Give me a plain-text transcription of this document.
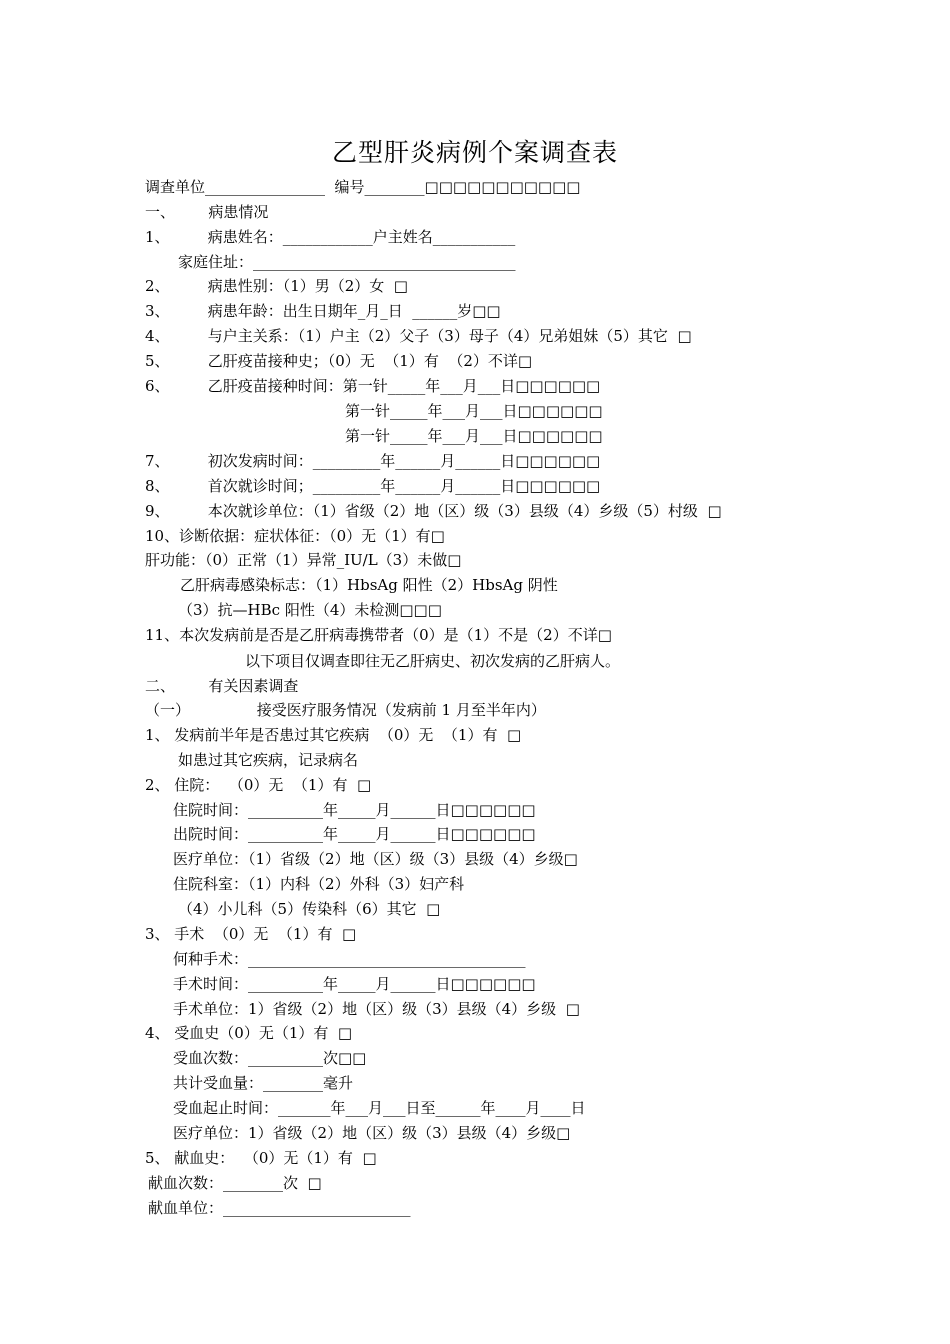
乙型肝炎病例个案调查表
调查单位________________  编号________□□□□□□□□□□□
一、       病患情况
1、        病患姓名：____________户主姓名___________
家庭住址：___________________________________
2、        病患性别：（1）男（2）女  □
3、        病患年龄：出生日期年_月_日  ______岁□□
4、        与户主关系：（1）户主（2）父子（3）母子（4）兄弟姐妹（5）其它  □
5、        乙肝疫苗接种史；（0）无  （1）有  （2）不详□
6、        乙肝疫苗接种时间：第一针_____年___月___日□□□□□□
第一针_____年___月___日□□□□□□
第一针_____年___月___日□□□□□□
7、        初次发病时间：_________年______月______日□□□□□□
8、        首次就诊时间；_________年______月______日□□□□□□
9、        本次就诊单位：（1）省级（2）地（区）级（3）县级（4）乡级（5）村级  □
10、诊断依据：症状体征：（0）无（1）有□
肝功能：（0）正常（1）异常_IU/L（3）未做□
乙肝病毒感染标志：（1）HbsAg 阳性（2）HbsAg 阴性
（3）抗—HBc 阳性（4）未检测□□□
11、本次发病前是否是乙肝病毒携带者（0）是（1）不是（2）不详□
以下项目仅调查即往无乙肝病史、初次发病的乙肝病人。
二、       有关因素调查
（一）              接受医疗服务情况（发病前 1 月至半年内）
1、 发病前半年是否患过其它疾病  （0）无  （1）有  □
如患过其它疾病，记录病名
2、 住院：  （0）无  （1）有  □
住院时间：__________年_____月______日□□□□□□
出院时间：__________年_____月______日□□□□□□
医疗单位：（1）省级（2）地（区）级（3）县级（4）乡级□
住院科室：（1）内科（2）外科（3）妇产科
（4）小儿科（5）传染科（6）其它  □
3、 手术  （0）无  （1）有  □
何种手术：_____________________________________
手术时间：__________年_____月______日□□□□□□
手术单位：1）省级（2）地（区）级（3）县级（4）乡级  □
4、 受血史（0）无（1）有  □
受血次数：__________次□□
共计受血量：________毫升
受血起止时间：_______年___月___日至______年____月____日
医疗单位：1）省级（2）地（区）级（3）县级（4）乡级□
5、 献血史：  （0）无（1）有  □
献血次数：________次  □
献血单位：_________________________
